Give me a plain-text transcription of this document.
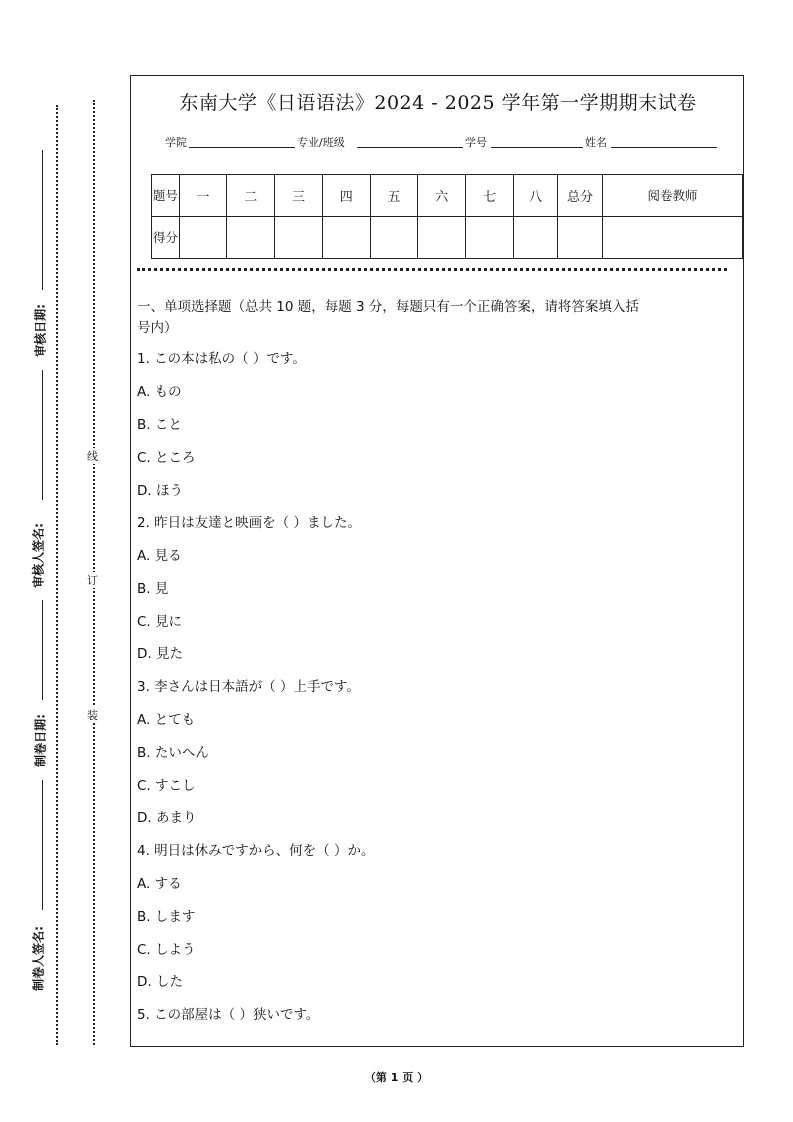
审核日期:
审核人签名:
制卷日期:
制卷人签名:
线
订
装
东南大学《日语语法》2024 - 2025 学年第一学期期末试卷
学院	专业/班级	学号	姓名
题号	一	二	三	四	五	六	七	八	总分	阅卷教师
得分										
一、单项选择题（总共 10 题，每题 3 分，每题只有一个正确答案，请将答案填入括
号内）
1. この本は私の（ ）です。
A. もの
B. こと
C. ところ
D. ほう
2. 昨日は友達と映画を（ ）ました。
A. 見る
B. 見
C. 見に
D. 見た
3. 李さんは日本語が（ ）上手です。
A. とても
B. たいへん
C. すこし
D. あまり
4. 明日は休みですから、何を（ ）か。
A. する
B. します
C. しよう
D. した
5. この部屋は（ ）狭いです。
（第 1 页 ）
